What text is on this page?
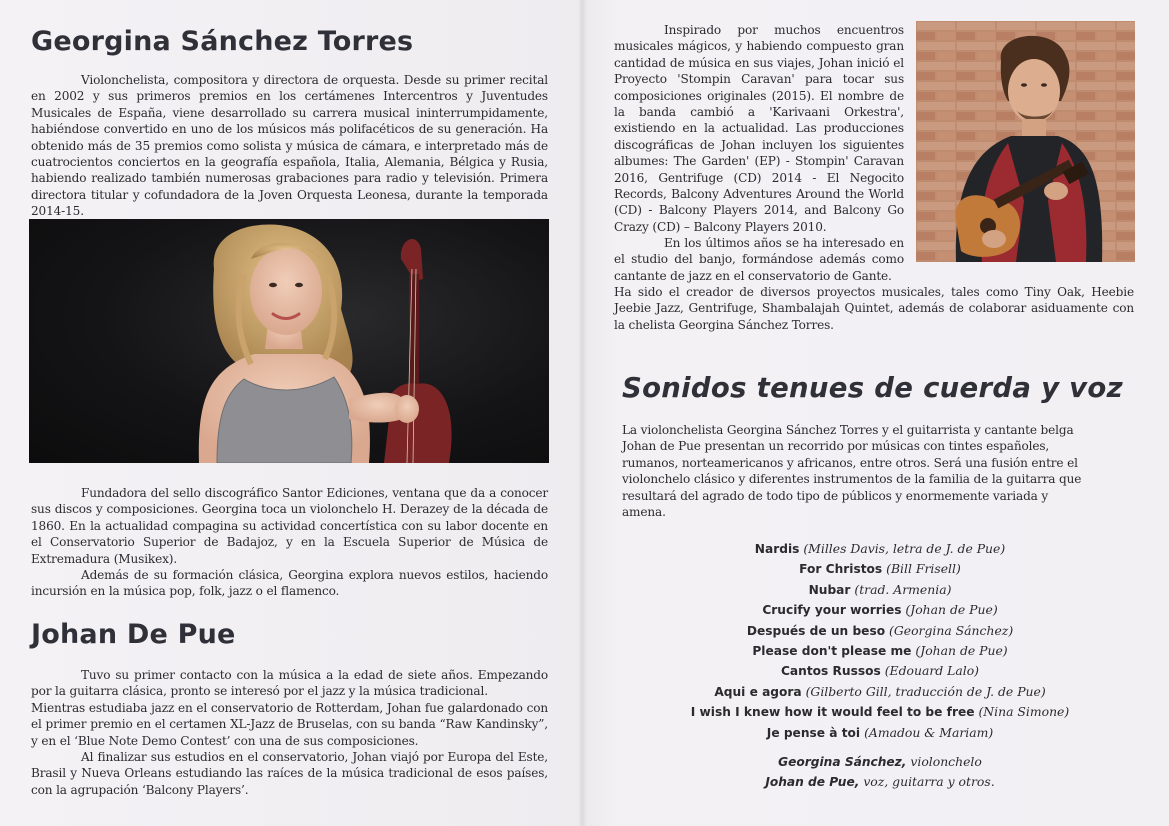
Georgina Sánchez Torres

Violonchelista, compositora y directora de orquesta. Desde su primer recital en 2002 y sus primeros premios en los certámenes Intercentros y Juventudes Musicales de España, viene desarrollado su carrera musical ininterrumpidamente, habiéndose convertido en uno de los músicos más polifacéticos de su generación. Ha obtenido más de 35 premios como solista y música de cámara, e interpretado más de cuatrocientos conciertos en la geografía española, Italia, Alemania, Bélgica y Rusia, habiendo realizado también numerosas grabaciones para radio y televisión. Primera directora titular y cofundadora de la Joven Orquesta Leonesa, durante la temporada 2014-15.

Fundadora del sello discográfico Santor Ediciones, ventana que da a conocer sus discos y composiciones. Georgina toca un violonchelo H. Derazey de la década de 1860. En la actualidad compagina su actividad concertística con su labor docente en el Conservatorio Superior de Badajoz, y en la Escuela Superior de Música de Extremadura (Musikex).

Además de su formación clásica, Georgina explora nuevos estilos, haciendo incursión en la música pop, folk, jazz o el flamenco.

Johan De Pue

Tuvo su primer contacto con la música a la edad de siete años. Empezando por la guitarra clásica, pronto se interesó por el jazz y la música tradicional.

Mientras estudiaba jazz en el conservatorio de Rotterdam, Johan fue galardonado con el primer premio en el certamen XL-Jazz de Bruselas, con su banda “Raw Kandinsky”, y en el ‘Blue Note Demo Contest’ con una de sus composiciones.

Al finalizar sus estudios en el conservatorio, Johan viajó por Europa del Este, Brasil y Nueva Orleans estudiando las raíces de la música tradicional de esos países, con la agrupación ‘Balcony Players’.

Inspirado por muchos encuentros musicales mágicos, y habiendo compuesto gran cantidad de música en sus viajes, Johan inició el Proyecto 'Stompin Caravan' para tocar sus composiciones originales (2015). El nombre de la banda cambió a 'Karivaani Orkestra', existiendo en la actualidad. Las producciones discográficas de Johan incluyen los siguientes albumes: The Garden' (EP) - Stompin' Caravan 2016, Gentrifuge (CD) 2014 - El Negocito Records, Balcony Adventures Around the World (CD) - Balcony Players 2014, and Balcony Go Crazy (CD) – Balcony Players 2010.

En los últimos años se ha interesado en el studio del banjo, formándose además como cantante de jazz en el conservatorio de Gante.

Ha sido el creador de diversos proyectos musicales, tales como Tiny Oak, Heebie Jeebie Jazz, Gentrifuge, Shambalajah Quintet, además de colaborar asiduamente con la chelista Georgina Sánchez Torres.

Sonidos tenues de cuerda y voz

La violonchelista Georgina Sánchez Torres y el guitarrista y cantante belga Johan de Pue presentan un recorrido por músicas con tintes españoles, rumanos, norteamericanos y africanos, entre otros. Será una fusión entre el violonchelo clásico y diferentes instrumentos de la familia de la guitarra que resultará del agrado de todo tipo de públicos y enormemente variada y amena.

Nardis (Milles Davis, letra de J. de Pue)
For Christos (Bill Frisell)
Nubar (trad. Armenia)
Crucify your worries (Johan de Pue)
Después de un beso (Georgina Sánchez)
Please don't please me (Johan de Pue)
Cantos Russos (Edouard Lalo)
Aqui e agora (Gilberto Gill, traducción de J. de Pue)
I wish I knew how it would feel to be free (Nina Simone)
Je pense à toi (Amadou & Mariam)
Georgina Sánchez, violonchelo
Johan de Pue, voz, guitarra y otros.
